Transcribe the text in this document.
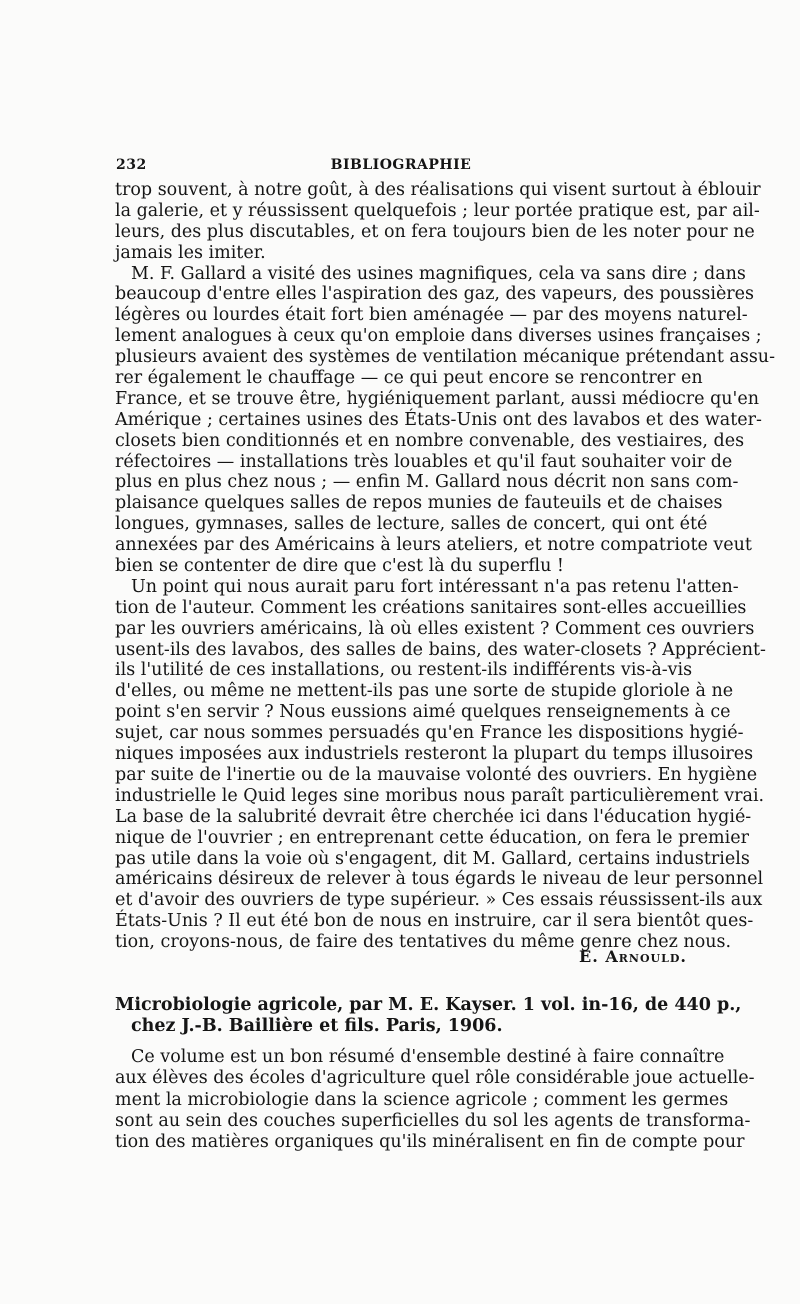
232	BIBLIOGRAPHIE
trop souvent, à notre goût, à des réalisations qui visent surtout à éblouir
la galerie, et y réussissent quelquefois ; leur portée pratique est, par ail-
leurs, des plus discutables, et on fera toujours bien de les noter pour ne
jamais les imiter.
M. F. Gallard a visité des usines magnifiques, cela va sans dire ; dans
beaucoup d'entre elles l'aspiration des gaz, des vapeurs, des poussières
légères ou lourdes était fort bien aménagée — par des moyens naturel-
lement analogues à ceux qu'on emploie dans diverses usines françaises ;
plusieurs avaient des systèmes de ventilation mécanique prétendant assu-
rer également le chauffage — ce qui peut encore se rencontrer en
France, et se trouve être, hygiéniquement parlant, aussi médiocre qu'en
Amérique ; certaines usines des États-Unis ont des lavabos et des water-
closets bien conditionnés et en nombre convenable, des vestiaires, des
réfectoires — installations très louables et qu'il faut souhaiter voir de
plus en plus chez nous ; — enfin M. Gallard nous décrit non sans com-
plaisance quelques salles de repos munies de fauteuils et de chaises
longues, gymnases, salles de lecture, salles de concert, qui ont été
annexées par des Américains à leurs ateliers, et notre compatriote veut
bien se contenter de dire que c'est là du superflu !
Un point qui nous aurait paru fort intéressant n'a pas retenu l'atten-
tion de l'auteur. Comment les créations sanitaires sont-elles accueillies
par les ouvriers américains, là où elles existent ? Comment ces ouvriers
usent-ils des lavabos, des salles de bains, des water-closets ? Apprécient-
ils l'utilité de ces installations, ou restent-ils indifférents vis-à-vis
d'elles, ou même ne mettent-ils pas une sorte de stupide gloriole à ne
point s'en servir ? Nous eussions aimé quelques renseignements à ce
sujet, car nous sommes persuadés qu'en France les dispositions hygié-
niques imposées aux industriels resteront la plupart du temps illusoires
par suite de l'inertie ou de la mauvaise volonté des ouvriers. En hygiène
industrielle le Quid leges sine moribus nous paraît particulièrement vrai.
La base de la salubrité devrait être cherchée ici dans l'éducation hygié-
nique de l'ouvrier ; en entreprenant cette éducation, on fera le premier
pas utile dans la voie où s'engagent, dit M. Gallard, certains industriels
américains désireux de relever à tous égards le niveau de leur personnel
et d'avoir des ouvriers de type supérieur. » Ces essais réussissent-ils aux
États-Unis ? Il eut été bon de nous en instruire, car il sera bientôt ques-
tion, croyons-nous, de faire des tentatives du même genre chez nous.
E. Arnould.
Microbiologie agricole, par M. E. Kayser. 1 vol. in-16, de 440 p.,
chez J.-B. Baillière et fils. Paris, 1906.
Ce volume est un bon résumé d'ensemble destiné à faire connaître
aux élèves des écoles d'agriculture quel rôle considérable joue actuelle-
ment la microbiologie dans la science agricole ; comment les germes
sont au sein des couches superficielles du sol les agents de transforma-
tion des matières organiques qu'ils minéralisent en fin de compte pour
